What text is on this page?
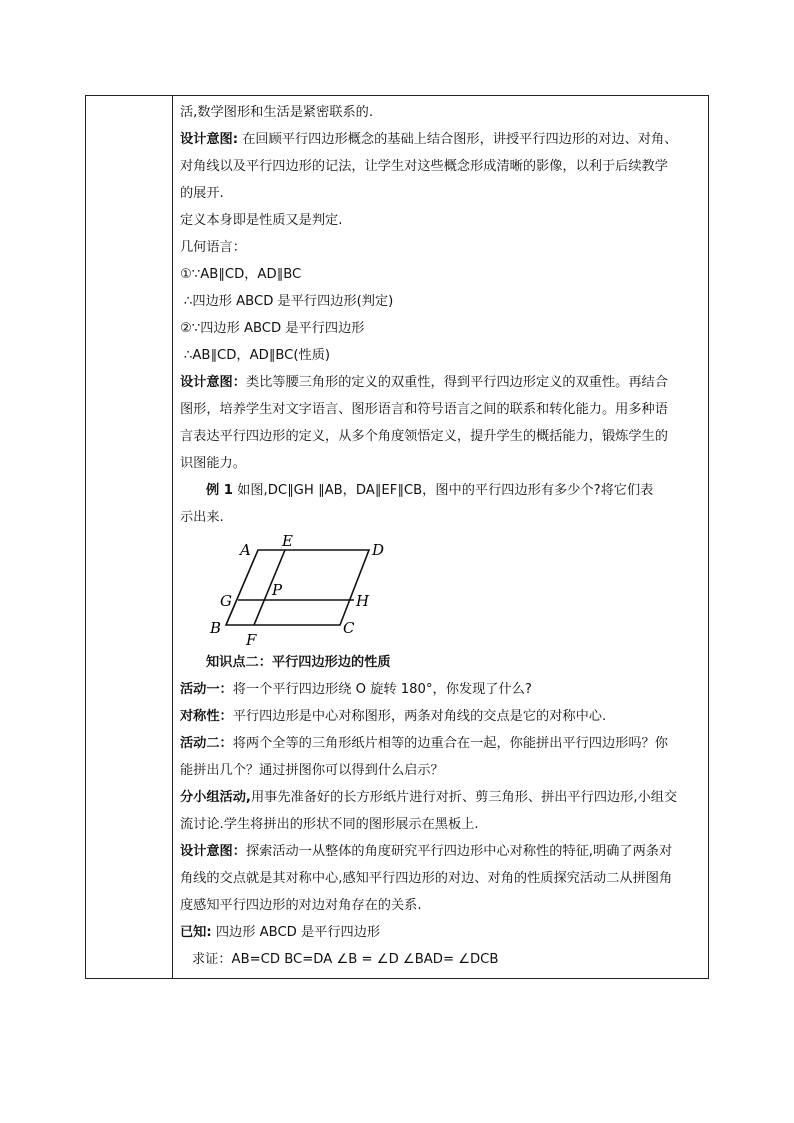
活,数学图形和生活是紧密联系的.
设计意图: 在回顾平行四边形概念的基础上结合图形，讲授平行四边形的对边、对角、
对角线以及平行四边形的记法，让学生对这些概念形成清晰的影像，以利于后续教学
的展开.
定义本身即是性质又是判定.
几何语言：
①∵AB∥CD，AD∥BC
∴四边形 ABCD 是平行四边形(判定)
②∵四边形 ABCD 是平行四边形
∴AB∥CD，AD∥BC(性质)
设计意图：类比等腰三角形的定义的双重性，得到平行四边形定义的双重性。再结合
图形，培养学生对文字语言、图形语言和符号语言之间的联系和转化能力。用多种语
言表达平行四边形的定义，从多个角度领悟定义，提升学生的概括能力，锻炼学生的
识图能力。
例 1 如图,DC∥GH ∥AB，DA∥EF∥CB，图中的平行四边形有多少个?将它们表
示出来.
A E	D
P
G	H
B	C
F
知识点二：平行四边形边的性质
活动一：将一个平行四边形绕 O 旋转 180°，你发现了什么?
对称性：平行四边形是中心对称图形，两条对角线的交点是它的对称中心.
活动二：将两个全等的三角形纸片相等的边重合在一起，你能拼出平行四边形吗？你
能拼出几个？通过拼图你可以得到什么启示？
分小组活动,用事先准备好的长方形纸片进行对折、剪三角形、拼出平行四边形,小组交
流讨论.学生将拼出的形状不同的图形展示在黑板上.
设计意图：探索活动一从整体的角度研究平行四边形中心对称性的特征,明确了两条对
角线的交点就是其对称中心,感知平行四边形的对边、对角的性质探究活动二从拼图角
度感知平行四边形的对边对角存在的关系.
已知: 四边形 ABCD 是平行四边形
求证：AB=CD BC=DA ∠B = ∠D ∠BAD= ∠DCB
